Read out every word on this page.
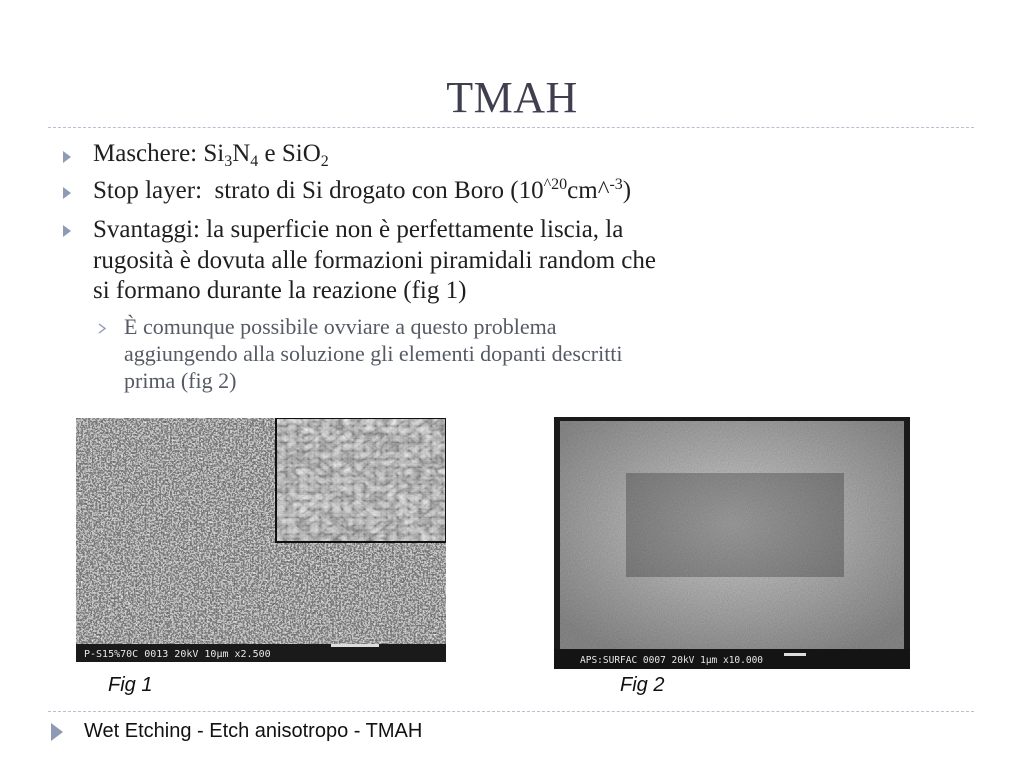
TMAH
Maschere: $Si_3N_4$ e SiO$_2$
Stop layer:  strato di Si drogato con Boro $(10^{\^{}20}cm\^{}^{-3})$
Svantaggi: la superficie non è perfettamente liscia, la
rugosità è dovuta alle formazioni piramidali random che
si formano durante la reazione (fig 1)
È comunque possibile ovviare a questo problema
aggiungendo alla soluzione gli elementi dopanti descritti
prima (fig 2)
P-S15%70C 0013 20kV 10µm x2.500
Fig 1
APS:SURFAC 0007 20kV 1µm x10.000
Fig 2
Wet Etching - Etch anisotropo - TMAH
